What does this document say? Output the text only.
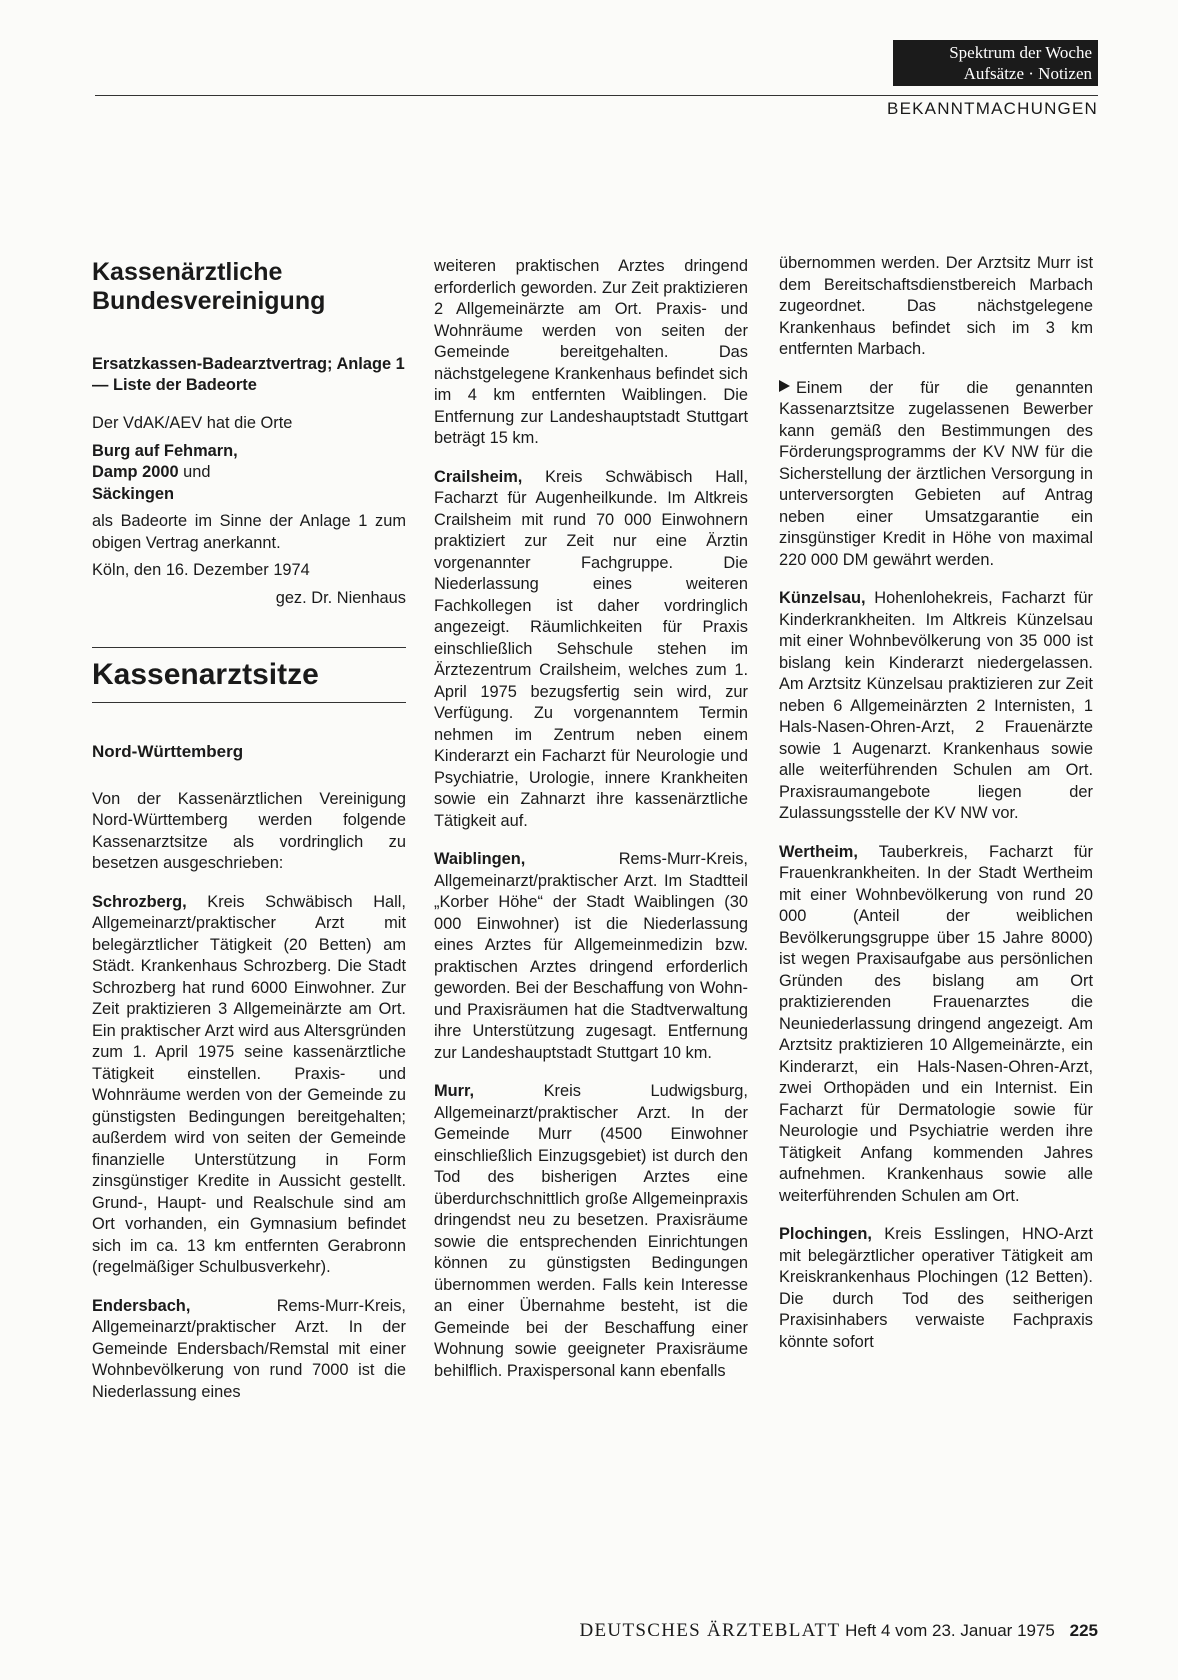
Spektrum der Woche
Aufsätze · Notizen
BEKANNTMACHUNGEN
Kassenärztliche Bundesvereinigung
Ersatzkassen-Badearztvertrag; Anlage 1 — Liste der Badeorte

Der VdAK/AEV hat die Orte

Burg auf Fehmarn,
Damp 2000 und
Säckingen

als Badeorte im Sinne der Anlage 1 zum obigen Vertrag anerkannt.

Köln, den 16. Dezember 1974

gez. Dr. Nienhaus

Kassenarztsitze
Nord-Württemberg

Von der Kassenärztlichen Vereinigung Nord-Württemberg werden folgende Kassenarztsitze als vordringlich zu besetzen ausgeschrieben:

Schrozberg, Kreis Schwäbisch Hall, Allgemeinarzt/praktischer Arzt mit belegärztlicher Tätigkeit (20 Betten) am Städt. Krankenhaus Schrozberg. Die Stadt Schrozberg hat rund 6000 Einwohner. Zur Zeit praktizieren 3 Allgemeinärzte am Ort. Ein praktischer Arzt wird aus Altersgründen zum 1. April 1975 seine kassenärztliche Tätigkeit einstellen. Praxis- und Wohnräume werden von der Gemeinde zu günstigsten Bedingungen bereitgehalten; außerdem wird von seiten der Gemeinde finanzielle Unterstützung in Form zinsgünstiger Kredite in Aussicht gestellt. Grund-, Haupt- und Realschule sind am Ort vorhanden, ein Gymnasium befindet sich im ca. 13 km entfernten Gerabronn (regelmäßiger Schulbusverkehr).

Endersbach,	Rems-Murr-Kreis, Allgemeinarzt/praktischer Arzt. In der Gemeinde Endersbach/Remstal mit einer Wohnbevölkerung von rund 7000 ist die Niederlassung eines

weiteren praktischen Arztes dringend erforderlich geworden. Zur Zeit praktizieren 2 Allgemeinärzte am Ort. Praxis- und Wohnräume werden von seiten der Gemeinde bereitgehalten. Das nächstgelegene Krankenhaus befindet sich im 4 km entfernten Waiblingen. Die Entfernung zur Landeshauptstadt Stuttgart beträgt 15 km.

Crailsheim, Kreis Schwäbisch Hall, Facharzt für Augenheilkunde. Im Altkreis Crailsheim mit rund 70 000 Einwohnern praktiziert zur Zeit nur eine Ärztin vorgenannter Fachgruppe. Die Niederlassung eines weiteren Fachkollegen ist daher vordringlich angezeigt. Räumlichkeiten für Praxis einschließlich Sehschule stehen im Ärztezentrum Crailsheim, welches zum 1. April 1975 bezugsfertig sein wird, zur Verfügung. Zu vorgenanntem Termin nehmen im Zentrum neben einem Kinderarzt ein Facharzt für Neurologie und Psychiatrie, Urologie, innere Krankheiten sowie ein Zahnarzt ihre kassenärztliche Tätigkeit auf.

Waiblingen,	Rems-Murr-Kreis, Allgemeinarzt/praktischer Arzt. Im Stadtteil „Korber Höhe“ der Stadt Waiblingen (30 000 Einwohner) ist die Niederlassung eines Arztes für Allgemeinmedizin bzw. praktischen Arztes dringend erforderlich geworden. Bei der Beschaffung von Wohn- und Praxisräumen hat die Stadtverwaltung ihre Unterstützung zugesagt. Entfernung zur Landeshauptstadt Stuttgart 10 km.

Murr,	Kreis Ludwigsburg, Allgemeinarzt/praktischer Arzt. In der Gemeinde Murr (4500 Einwohner einschließlich Einzugsgebiet) ist durch den Tod des bisherigen Arztes eine überdurchschnittlich große Allgemeinpraxis dringendst neu zu besetzen. Praxisräume sowie die entsprechenden Einrichtungen können zu günstigsten Bedingungen übernommen werden. Falls kein Interesse an einer Übernahme besteht, ist die Gemeinde bei der Beschaffung einer Wohnung sowie geeigneter Praxisräume behilflich. Praxispersonal kann ebenfalls

übernommen werden. Der Arztsitz Murr ist dem Bereitschaftsdienstbereich Marbach zugeordnet. Das nächstgelegene Krankenhaus befindet sich im 3 km entfernten Marbach.

Einem der für die genannten Kassenarztsitze zugelassenen Bewerber kann gemäß den Bestimmungen des Förderungsprogramms der KV NW für die Sicherstellung der ärztlichen Versorgung in unterversorgten Gebieten auf Antrag neben einer Umsatzgarantie ein zinsgünstiger Kredit in Höhe von maximal 220 000 DM gewährt werden.

Künzelsau, Hohenlohekreis, Facharzt für Kinderkrankheiten. Im Altkreis Künzelsau mit einer Wohnbevölkerung von 35 000 ist bislang kein Kinderarzt niedergelassen. Am Arztsitz Künzelsau praktizieren zur Zeit neben 6 Allgemeinärzten 2 Internisten, 1 Hals-Nasen-Ohren-Arzt, 2 Frauenärzte sowie 1 Augenarzt. Krankenhaus sowie alle weiterführenden Schulen am Ort. Praxisraumangebote liegen der Zulassungsstelle der KV NW vor.

Wertheim, Tauberkreis, Facharzt für Frauenkrankheiten. In der Stadt Wertheim mit einer Wohnbevölkerung von rund 20 000 (Anteil der weiblichen Bevölkerungsgruppe über 15 Jahre 8000) ist wegen Praxisaufgabe aus persönlichen Gründen des bislang am Ort praktizierenden Frauenarztes die Neuniederlassung dringend angezeigt. Am Arztsitz praktizieren 10 Allgemeinärzte, ein Kinderarzt, ein Hals-Nasen-Ohren-Arzt, zwei Orthopäden und ein Internist. Ein Facharzt für Dermatologie sowie für Neurologie und Psychiatrie werden ihre Tätigkeit Anfang kommenden Jahres aufnehmen. Krankenhaus sowie alle weiterführenden Schulen am Ort.

Plochingen, Kreis Esslingen, HNO-Arzt mit belegärztlicher operativer Tätigkeit am Kreiskrankenhaus Plochingen (12 Betten). Die durch Tod des seitherigen Praxisinhabers verwaiste Fachpraxis könnte sofort

DEUTSCHES ÄRZTEBLATT Heft 4 vom 23. Januar 1975 225
